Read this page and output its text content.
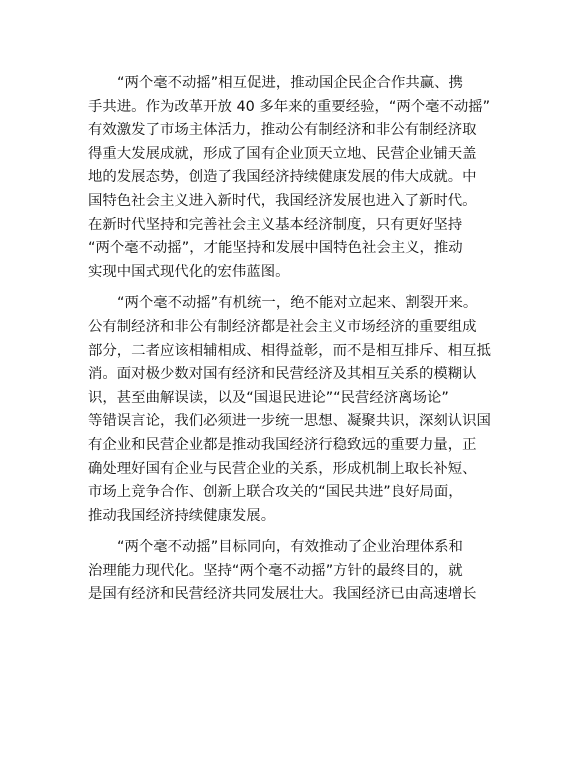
“两个毫不动摇”相互促进，推动国企民企合作共赢、携
手共进。作为改革开放 40 多年来的重要经验，“两个毫不动摇”
有效激发了市场主体活力，推动公有制经济和非公有制经济取
得重大发展成就，形成了国有企业顶天立地、民营企业铺天盖
地的发展态势，创造了我国经济持续健康发展的伟大成就。中
国特色社会主义进入新时代，我国经济发展也进入了新时代。
在新时代坚持和完善社会主义基本经济制度，只有更好坚持
“两个毫不动摇”，才能坚持和发展中国特色社会主义，推动
实现中国式现代化的宏伟蓝图。

“两个毫不动摇”有机统一，绝不能对立起来、割裂开来。
公有制经济和非公有制经济都是社会主义市场经济的重要组成
部分，二者应该相辅相成、相得益彰，而不是相互排斥、相互抵
消。面对极少数对国有经济和民营经济及其相互关系的模糊认
识，甚至曲解误读，以及“国退民进论”“民营经济离场论”
等错误言论，我们必须进一步统一思想、凝聚共识，深刻认识国
有企业和民营企业都是推动我国经济行稳致远的重要力量，正
确处理好国有企业与民营企业的关系，形成机制上取长补短、
市场上竞争合作、创新上联合攻关的“国民共进”良好局面，
推动我国经济持续健康发展。

“两个毫不动摇”目标同向，有效推动了企业治理体系和
治理能力现代化。坚持“两个毫不动摇”方针的最终目的，就
是国有经济和民营经济共同发展壮大。我国经济已由高速增长
